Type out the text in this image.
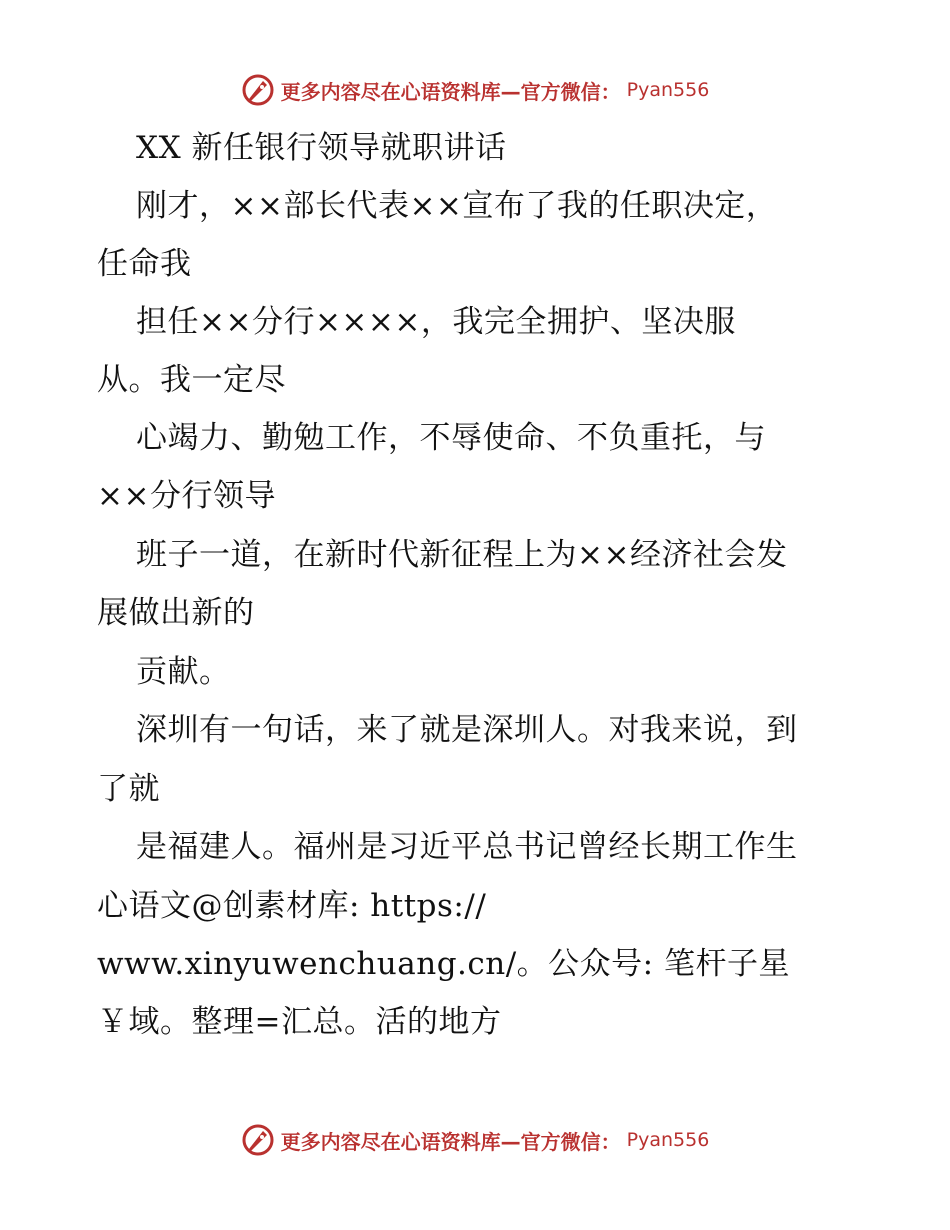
更多内容尽在心语资料库—官方微信： Pyan556
XX 新任银行领导就职讲话
刚才，××部长代表××宣布了我的任职决定，
任命我
担任××分行××××，我完全拥护、坚决服
从。我一定尽
心竭力、勤勉工作，不辱使命、不负重托，与
××分行领导
班子一道，在新时代新征程上为××经济社会发
展做出新的
贡献。
深圳有一句话，来了就是深圳人。对我来说，到
了就
是福建人。福州是习近平总书记曾经长期工作生
心语文@创素材库: https://
www.xinyuwenchuang.cn/。公众号: 笔杆子星
￥域。整理=汇总。活的地方
更多内容尽在心语资料库—官方微信： Pyan556
